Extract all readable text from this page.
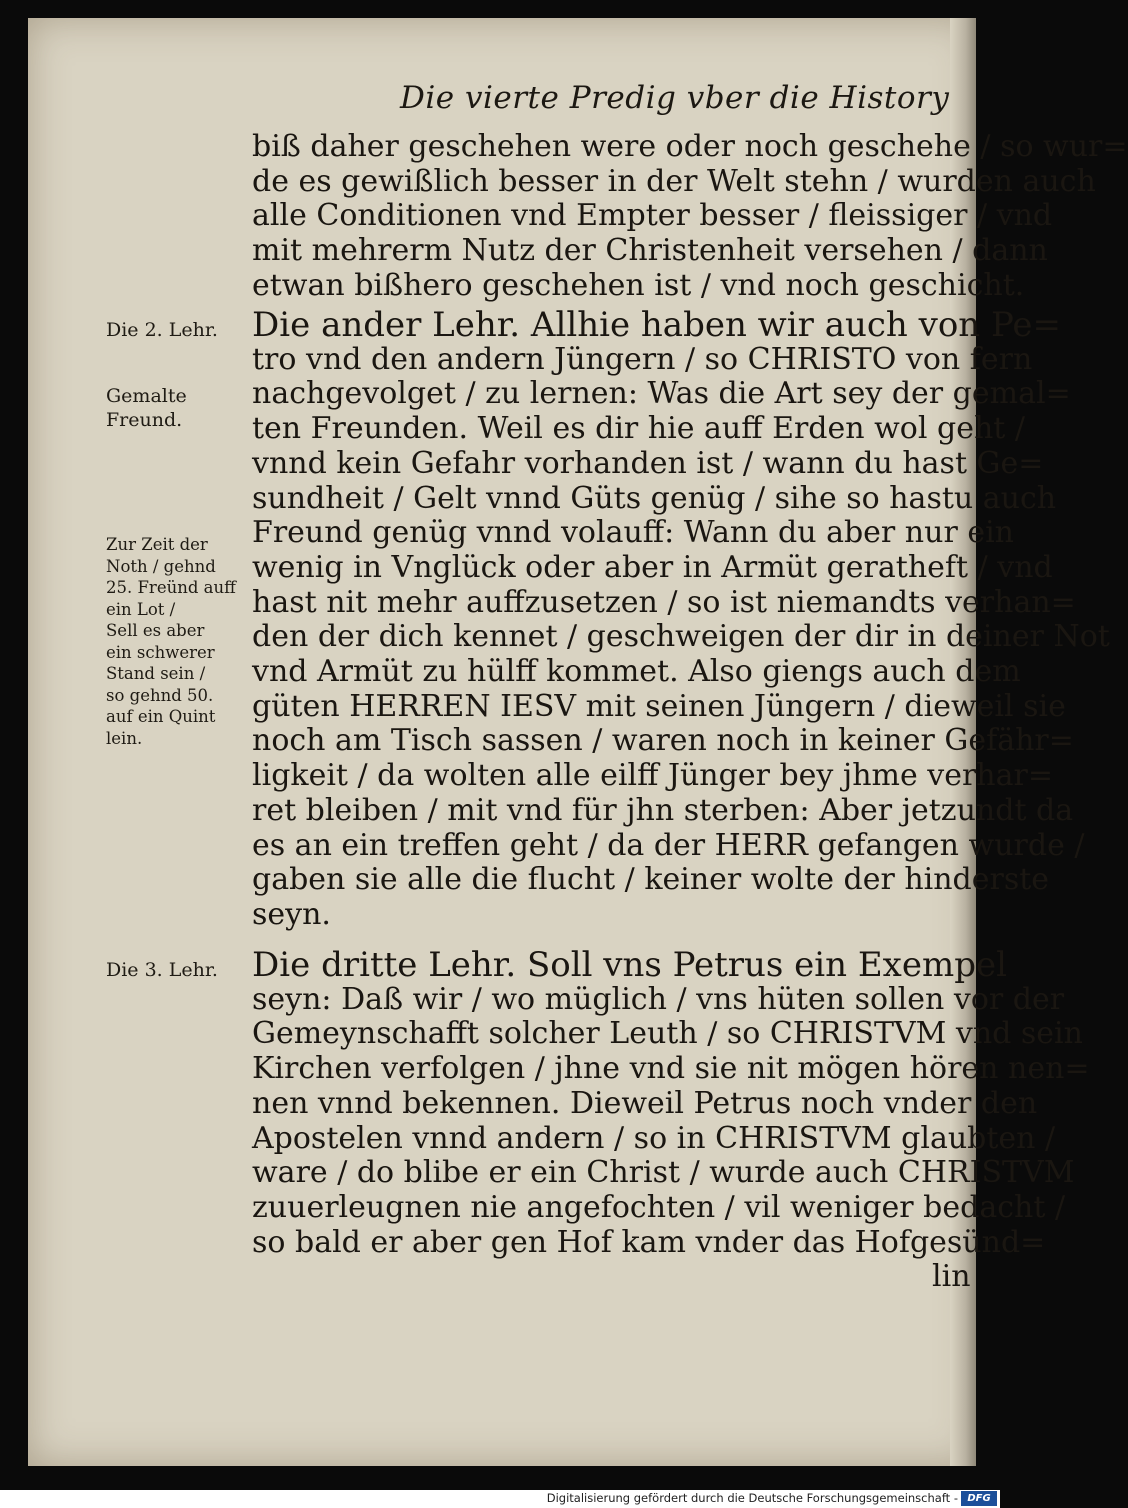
Die vierte Predig vber die History
biß daher geschehen were oder noch geschehe / so wur=
de es gewißlich besser in der Welt stehn / wurden auch
alle Conditionen vnd Empter besser / fleissiger / vnd
mit mehrerm Nutz der Christenheit versehen / dann
etwan bißhero geschehen ist / vnd noch geschicht.
Die 2. Lehr.
Gemalte Freund.
Zur Zeit der
Noth / gehnd
25. Freünd auff
ein Lot /
Sell es aber
ein schwerer
Stand sein /
so gehnd 50.
auf ein Quint
lein.
Die ander Lehr. Allhie haben wir auch von Pe=
tro vnd den andern Jüngern / so CHRISTO von fern
nachgevolget / zu lernen: Was die Art sey der gemal=
ten Freunden. Weil es dir hie auff Erden wol geht /
vnnd kein Gefahr vorhanden ist / wann du hast Ge=
sundheit / Gelt vnnd Güts genüg / sihe so hastu auch
Freund genüg vnnd volauff: Wann du aber nur ein
wenig in Vnglück oder aber in Armüt geratheft / vnd
hast nit mehr auffzusetzen / so ist niemandts verhan=
den der dich kennet / geschweigen der dir in deiner Not
vnd Armüt zu hülff kommet. Also giengs auch dem
güten HERREN IESV mit seinen Jüngern / dieweil sie
noch am Tisch sassen / waren noch in keiner Gefähr=
ligkeit / da wolten alle eilff Jünger bey jhme verhar=
ret bleiben / mit vnd für jhn sterben: Aber jetzundt da
es an ein treffen geht / da der HERR gefangen wurde /
gaben sie alle die flucht / keiner wolte der hinderste
seyn.
Die 3. Lehr.	Die dritte Lehr. Soll vns Petrus ein Exempel
seyn: Daß wir / wo müglich / vns hüten sollen vor der
Gemeynschafft solcher Leuth / so CHRISTVM vnd sein
Kirchen verfolgen / jhne vnd sie nit mögen hören nen=
nen vnnd bekennen. Dieweil Petrus noch vnder den
Apostelen vnnd andern / so in CHRISTVM glaubten /
ware / do blibe er ein Christ / wurde auch CHRISTVM
zuuerleugnen nie angefochten / vil weniger bedacht /
so bald er aber gen Hof kam vnder das Hofgesünd=
lin
Digitalisierung gefördert durch die Deutsche Forschungsgemeinschaft - DFG
